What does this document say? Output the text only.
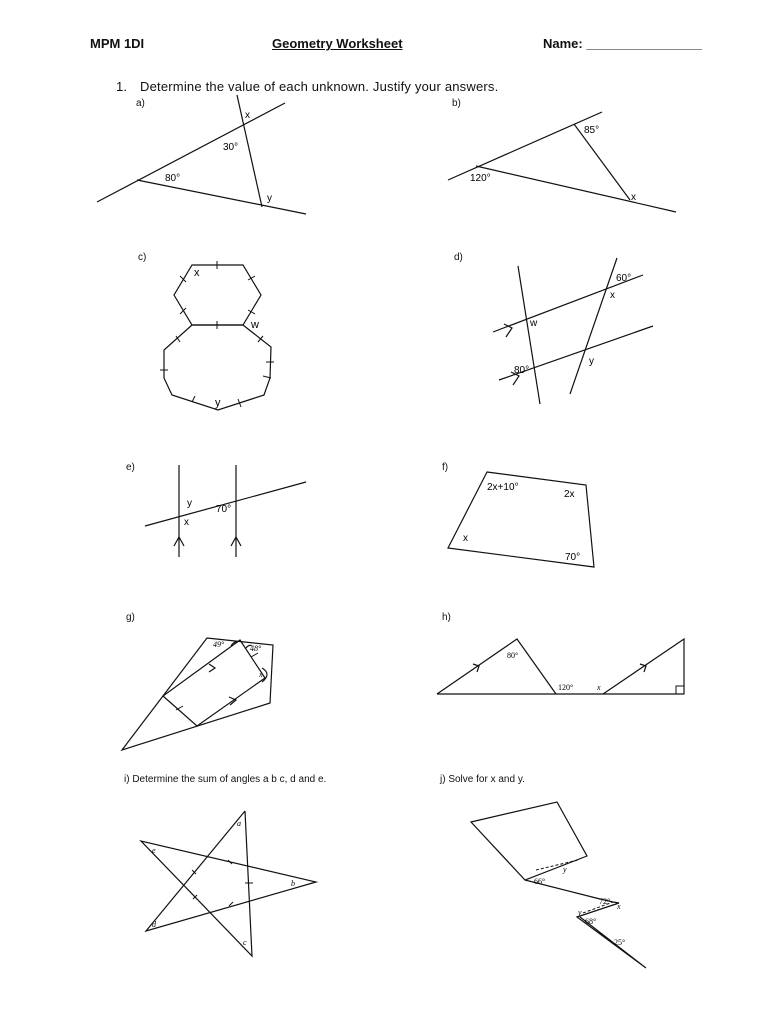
MPM 1DI	Geometry Worksheet	Name: ________________
1. Determine the value of each unknown. Justify your answers.
a)	b)
c)	d)
e)	f)
g)	h)
i) Determine the sum of angles a b c, d and e.	j) Solve for x and y.
x
30°
80°
y
85°
120°
x
x
w
y
60°
x
w
80°
y
y
x
70°
2x+10°
2x
x
70°
49°	48°
x
80°
120°	x
a
b
c
d
e
66°
y
72°
x
y
68°
25°
